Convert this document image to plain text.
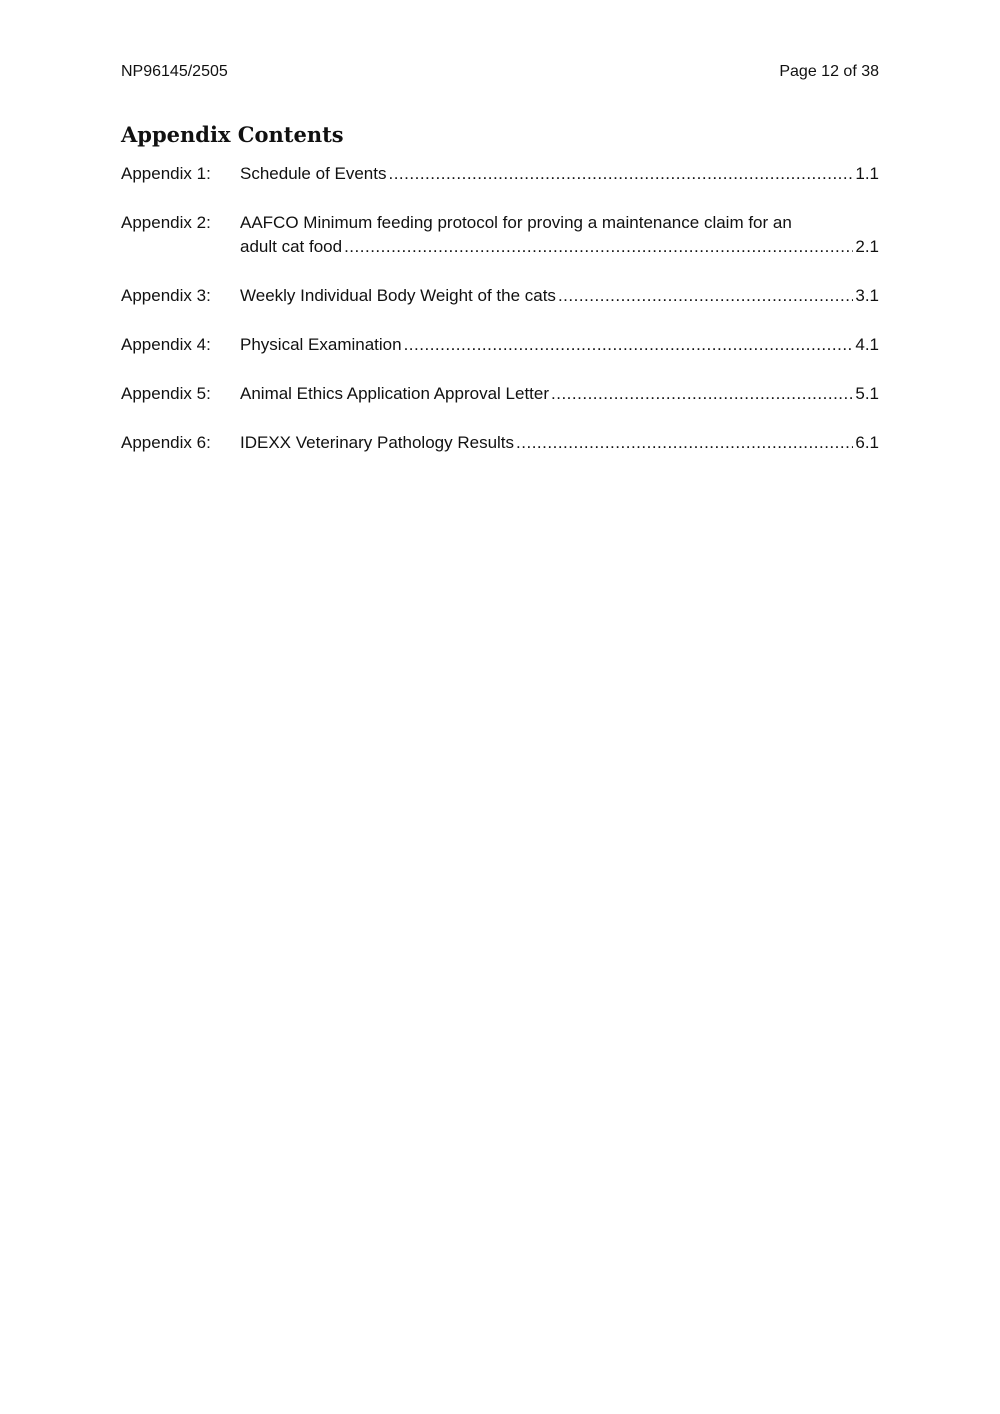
NP96145/2505	Page 12 of 38
Appendix Contents
Appendix 1:	Schedule of Events .....	1.1
Appendix 2:	AAFCO Minimum feeding protocol for proving a maintenance claim for an
adult cat food .....	2.1
Appendix 3:	Weekly Individual Body Weight of the cats .....	3.1
Appendix 4:	Physical Examination .....	4.1
Appendix 5:	Animal Ethics Application Approval Letter .....	5.1
Appendix 6:	IDEXX Veterinary Pathology Results .....	6.1
